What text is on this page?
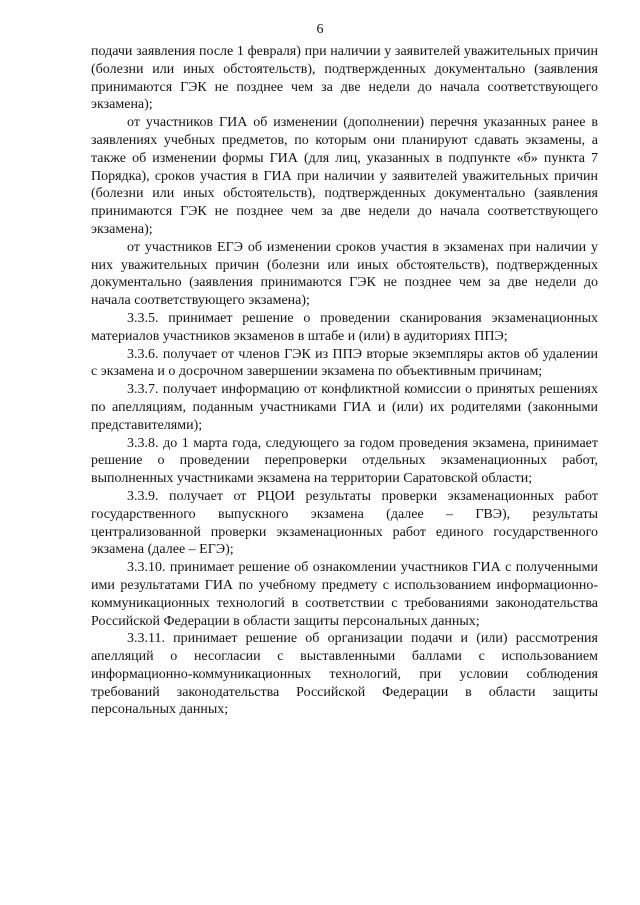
6

подачи заявления после 1 февраля) при наличии у заявителей уважительных причин (болезни или иных обстоятельств), подтвержденных документально (заявления принимаются ГЭК не позднее чем за две недели до начала соответствующего экзамена);

от участников ГИА об изменении (дополнении) перечня указанных ранее в заявлениях учебных предметов, по которым они планируют сдавать экзамены, а также об изменении формы ГИА (для лиц, указанных в подпункте «б» пункта 7 Порядка), сроков участия в ГИА при наличии у заявителей уважительных причин (болезни или иных обстоятельств), подтвержденных документально (заявления принимаются ГЭК не позднее чем за две недели до начала соответствующего экзамена);

от участников ЕГЭ об изменении сроков участия в экзаменах при наличии у них уважительных причин (болезни или иных обстоятельств), подтвержденных документально (заявления принимаются ГЭК не позднее чем за две недели до начала соответствующего экзамена);

3.3.5. принимает решение о проведении сканирования экзаменационных материалов участников экзаменов в штабе и (или) в аудиториях ППЭ;

3.3.6. получает от членов ГЭК из ППЭ вторые экземпляры актов об удалении с экзамена и о досрочном завершении экзамена по объективным причинам;

3.3.7. получает информацию от конфликтной комиссии о принятых решениях по апелляциям, поданным участниками ГИА и (или) их родителями (законными представителями);

3.3.8. до 1 марта года, следующего за годом проведения экзамена, принимает решение о проведении перепроверки отдельных экзаменационных работ, выполненных участниками экзамена на территории Саратовской области;

3.3.9. получает от РЦОИ результаты проверки экзаменационных работ государственного выпускного экзамена (далее – ГВЭ), результаты централизованной проверки экзаменационных работ единого государственного экзамена (далее – ЕГЭ);

3.3.10. принимает решение об ознакомлении участников ГИА с полученными ими результатами ГИА по учебному предмету с использованием информационно-коммуникационных технологий в соответствии с требованиями законодательства Российской Федерации в области защиты персональных данных;

3.3.11. принимает решение об организации подачи и (или) рассмотрения апелляций о несогласии с выставленными баллами с использованием информационно-коммуникационных технологий, при условии соблюдения требований законодательства Российской Федерации в области защиты персональных данных;
